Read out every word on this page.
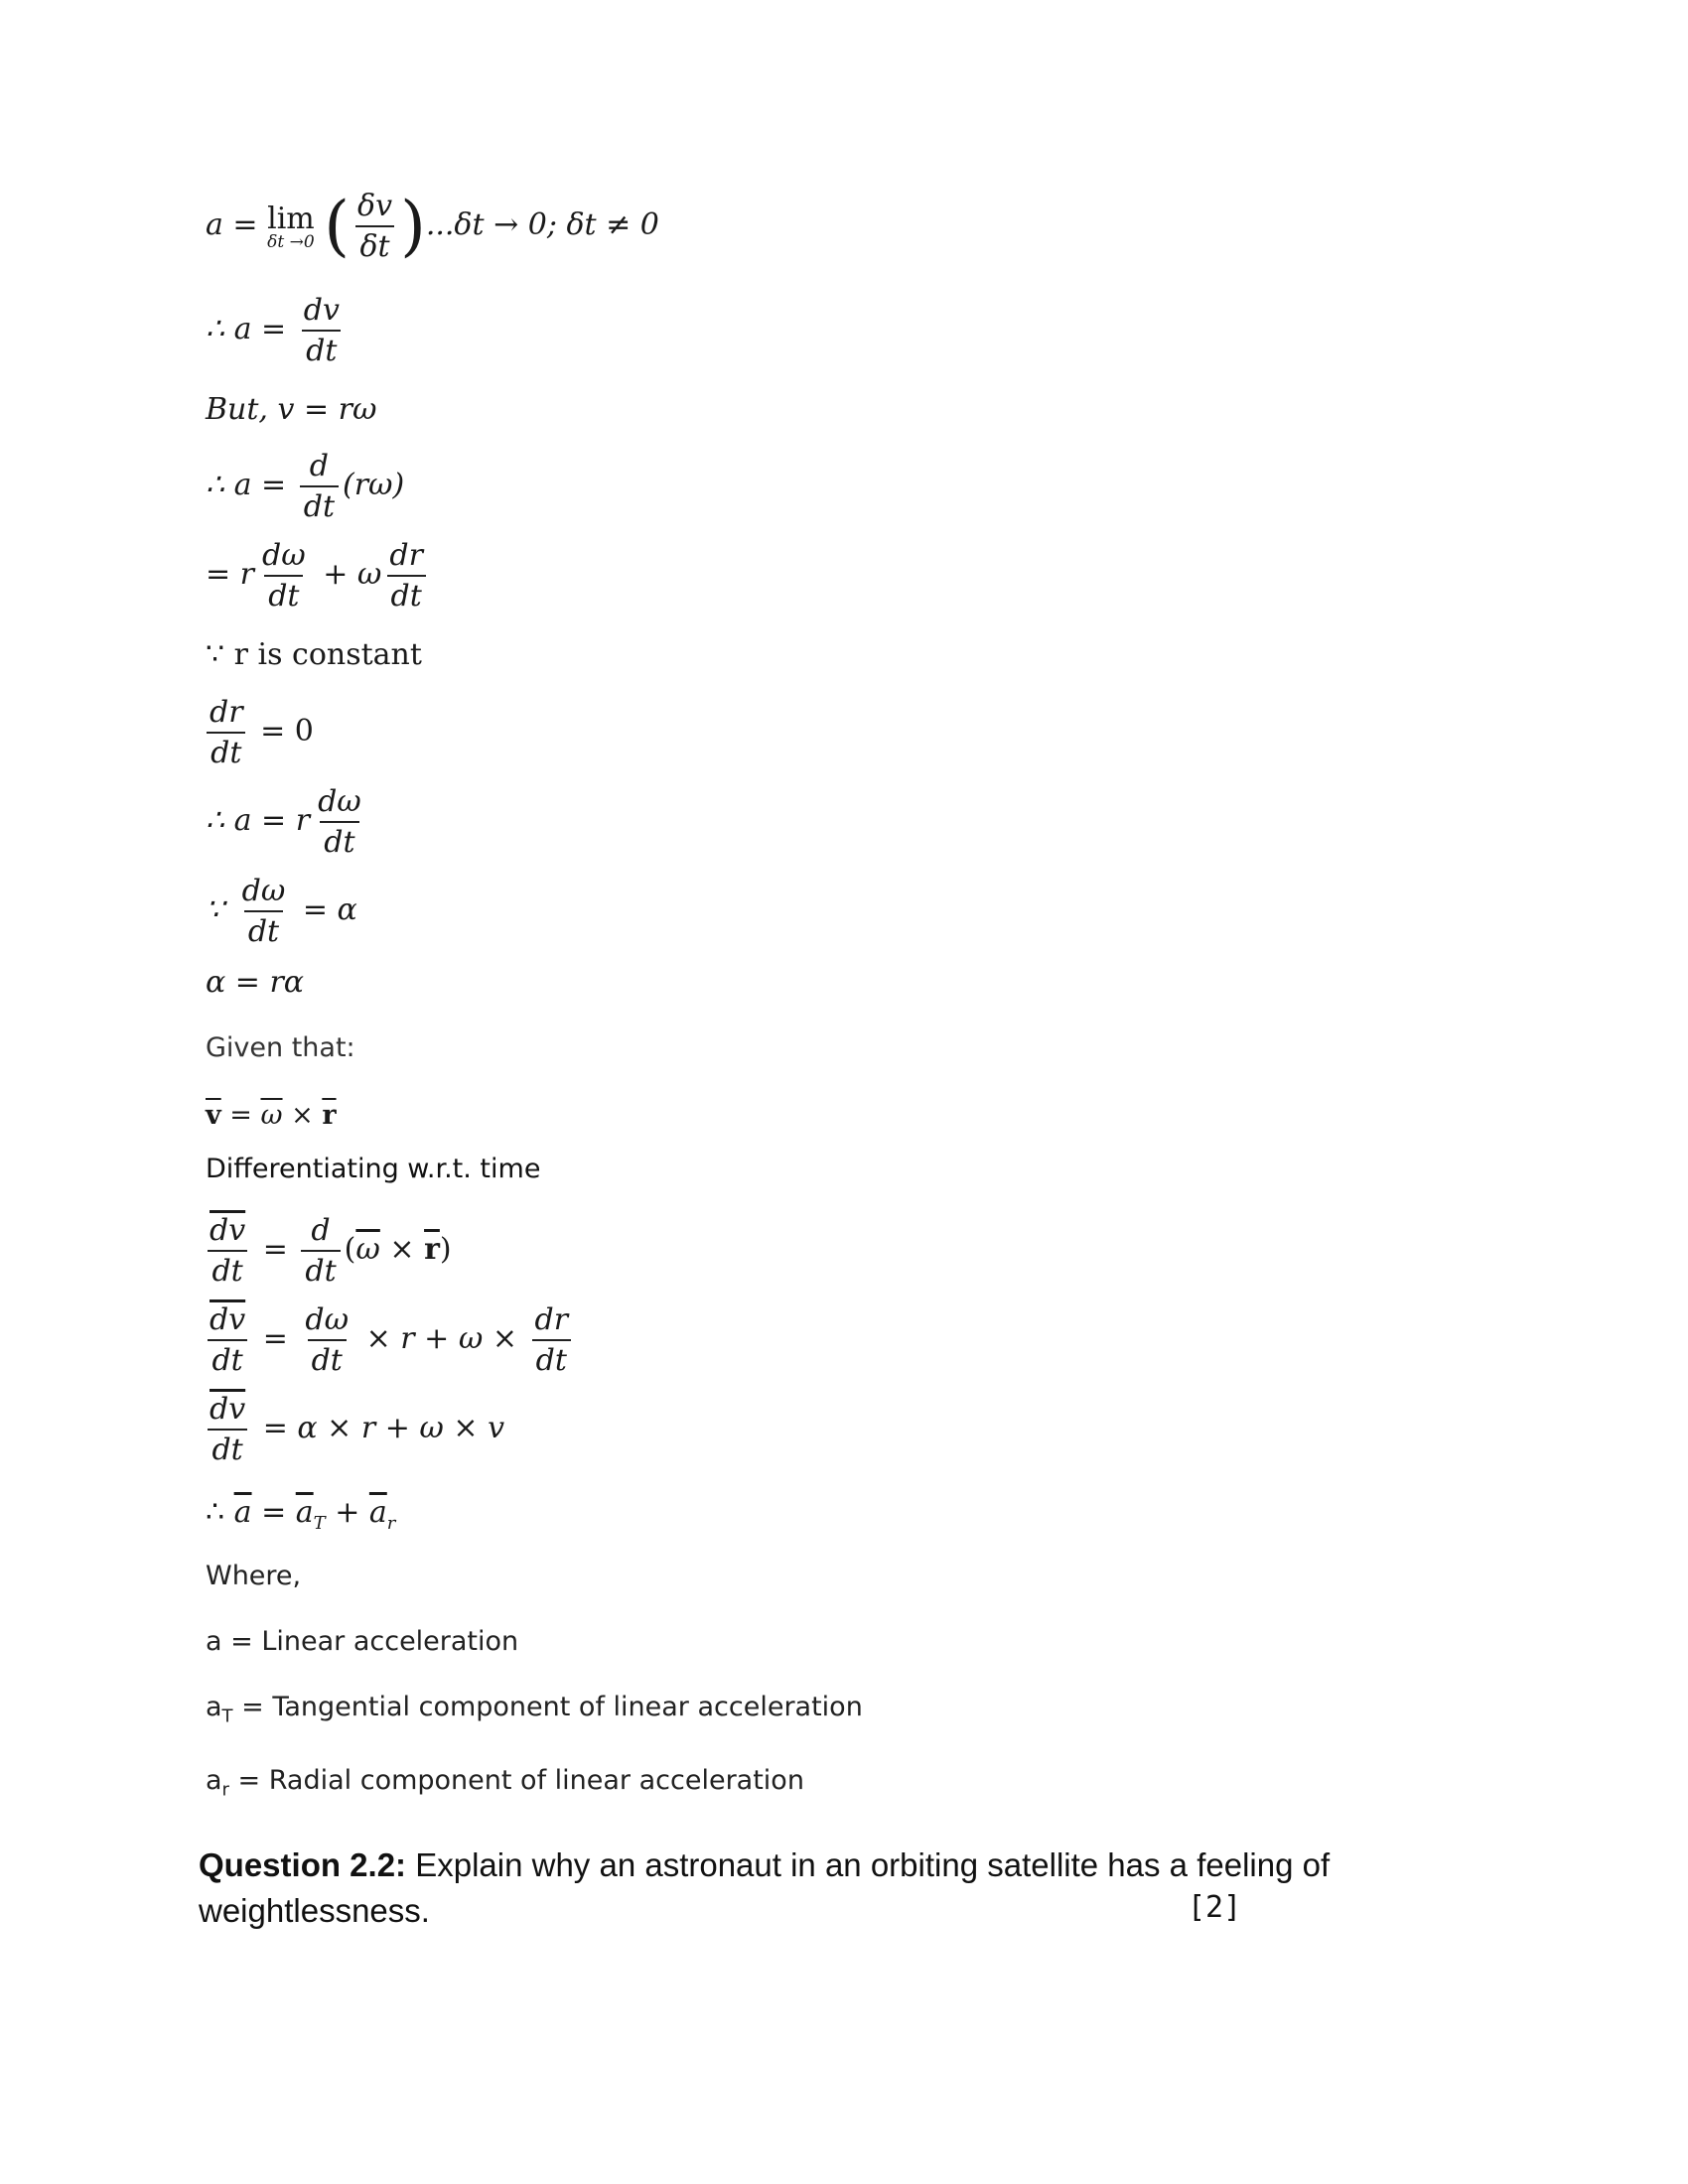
a = lim
δt →0 ( $\frac{\delta v}{\delta t} )...\delta t \to 0$; δt ≠ 0
∴ $a = \frac{dv}{dt}$
But, v = rω
∴ $a = \frac{d}{dt} (r\omega)$
= r $\frac{d\omega}{dt} + \omega \frac{dr}{dt}$
∵ r is constant
$\frac{dr}{dt} = 0$
∴ a = r $\frac{d\omega}{dt}$
∵ $\frac{d\omega}{dt} = \alpha$
α = rα
Given that:
$\overline{v} = \overline{\omega} \times \overline{r}$
Differentiating w.r.t. time
$\frac{\overline{dv}}{dt} = \frac{d}{dt} (\overline{\omega} \times \overline{r})$
$\frac{\overline{dv}}{dt} = \frac{d\omega}{dt} \times r + \omega \times \frac{dr}{dt}$
$\frac{\overline{dv}}{dt} = \alpha \times r + \omega \times v$
∴ $\overline{a} = \overline{a}_T + \overline{a}_r$
Where,
a = Linear acceleration
$a_T$ = Tangential component of linear acceleration
$a_r$ = Radial component of linear acceleration
Question 2.2: Explain why an astronaut in an orbiting satellite has a feeling of weightlessness.	[2]
